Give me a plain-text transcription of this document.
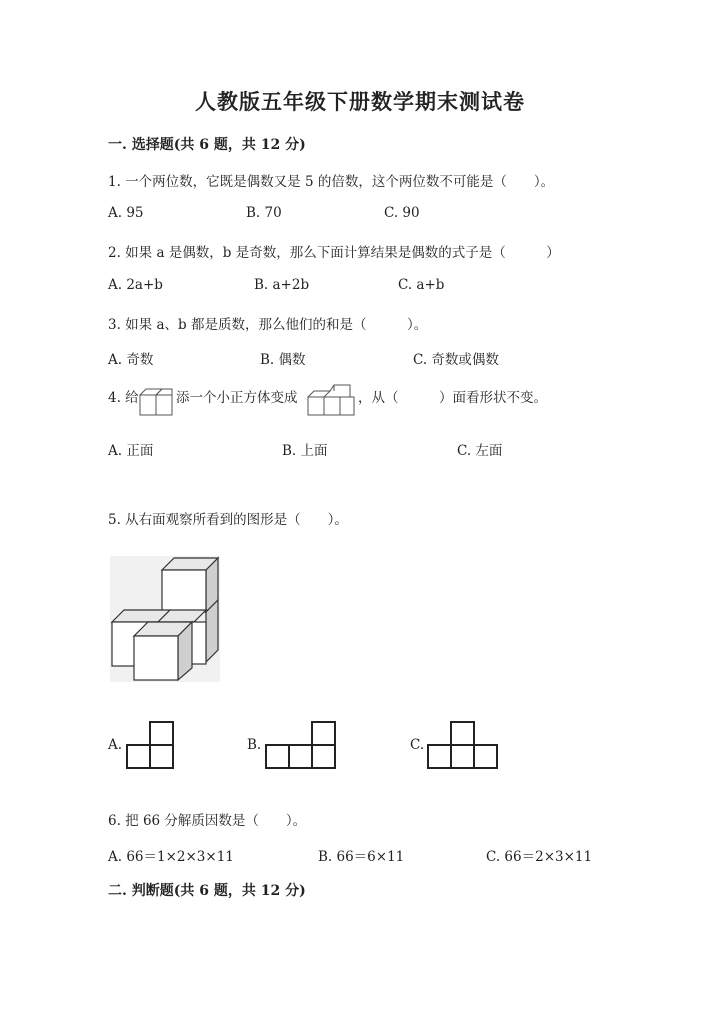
人教版五年级下册数学期末测试卷
一. 选择题(共 6 题，共 12 分)
1. 一个两位数，它既是偶数又是 5 的倍数，这个两位数不可能是（　　）。
A. 95	B. 70	C. 90
2. 如果 a 是偶数，b 是奇数，那么下面计算结果是偶数的式子是（　　　）
A. 2a+b	B. a+2b	C. a+b
3. 如果 a、b 都是质数，那么他们的和是（　　　）。
A. 奇数	B. 偶数	C. 奇数或偶数
4. 给	添一个小正方体变成	，从（　　　）面看形状不变。
A. 正面	B. 上面	C. 左面
5. 从右面观察所看到的图形是（　　）。
A.	B.	C.
6. 把 66 分解质因数是（　　）。
A. 66＝1×2×3×11	B. 66＝6×11	C. 66＝2×3×11
二. 判断题(共 6 题，共 12 分)
